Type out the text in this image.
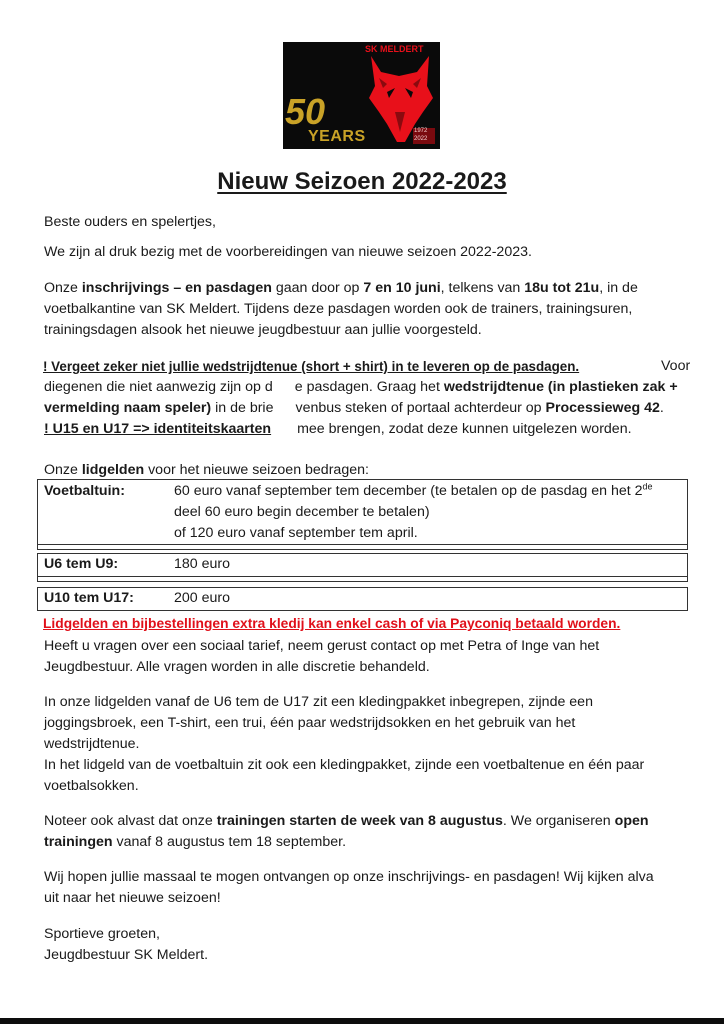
SK MELDERT
50
YEARS	1972
2022
Nieuw Seizoen 2022-2023

Beste ouders en spelertjes,

We zijn al druk bezig met de voorbereidingen van nieuwe seizoen 2022-2023.

Onze inschrijvings – en pasdagen gaan door op 7 en 10 juni, telkens van 18u tot 21u, in de

voetbalkantine van SK Meldert. Tijdens deze pasdagen worden ook de trainers, trainingsuren,

trainingsdagen alsook het nieuwe jeugdbestuur aan jullie voorgesteld.

! Vergeet zeker niet jullie wedstrijdtenue (short + shirt) in te leveren op de pasdagen.	Voor

diegenen die niet aanwezig zijn op d e pasdagen. Graag het wedstrijdtenue (in plastieken zak +

vermelding naam speler) in de brie venbus steken of portaal achterdeur op Processieweg 42.

! U15 en U17 => identiteitskaarten mee brengen, zodat deze kunnen uitgelezen worden.

Onze lidgelden voor het nieuwe seizoen bedragen:

Voetbaltuin:	60 euro vanaf september tem december (te betalen op de pasdag en het 2de
deel 60 euro begin december te betalen)
of 120 euro vanaf september tem april.
U6 tem U9:	180 euro
U10 tem U17:	200 euro

Lidgelden en bijbestellingen extra kledij kan enkel cash of via Payconiq betaald worden.

Heeft u vragen over een sociaal tarief, neem gerust contact op met Petra of Inge van het

Jeugdbestuur. Alle vragen worden in alle discretie behandeld.

In onze lidgelden vanaf de U6 tem de U17 zit een kledingpakket inbegrepen, zijnde een

joggingsbroek, een T-shirt, een trui, één paar wedstrijdsokken en het gebruik van het

wedstrijdtenue.

In het lidgeld van de voetbaltuin zit ook een kledingpakket, zijnde een voetbaltenue en één paar

voetbalsokken.

Noteer ook alvast dat onze trainingen starten de week van 8 augustus. We organiseren open

trainingen vanaf 8 augustus tem 18 september.

Wij hopen jullie massaal te mogen ontvangen op onze inschrijvings- en pasdagen! Wij kijken alva

uit naar het nieuwe seizoen!

Sportieve groeten,

Jeugdbestuur SK Meldert.
